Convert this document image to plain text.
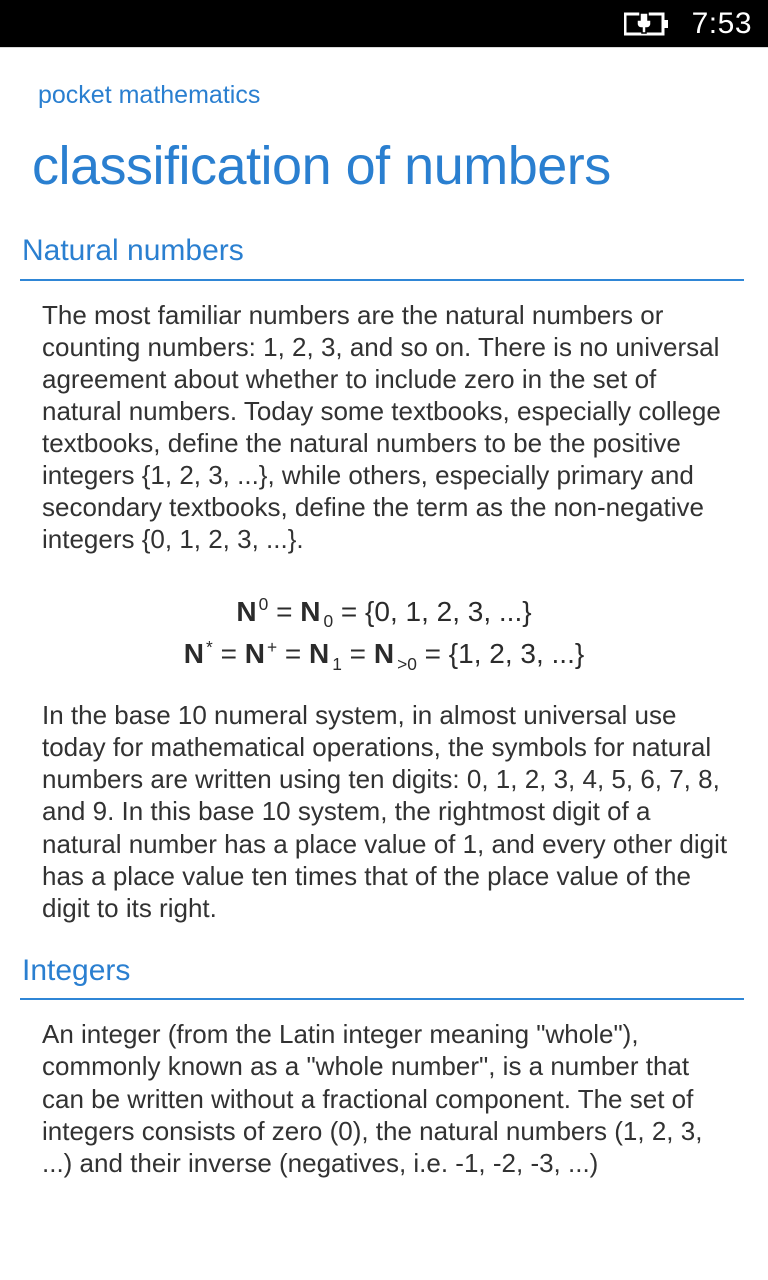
7:53
pocket mathematics
classification of numbers
Natural numbers

The most familiar numbers are the natural numbers or counting numbers: 1, 2, 3, and so on. There is no universal agreement about whether to include zero in the set of natural numbers. Today some textbooks, especially college textbooks, define the natural numbers to be the positive integers {1, 2, 3, ...}, while others, especially primary and secondary textbooks, define the term as the non-negative integers {0, 1, 2, 3, ...}.

N $^0$ = N $_0$ = {0, 1, 2, 3, ...}
N * = N + = N $_1$ = N $_{>0}$ = {1, 2, 3, ...}

In the base 10 numeral system, in almost universal use today for mathematical operations, the symbols for natural numbers are written using ten digits: 0, 1, 2, 3, 4, 5, 6, 7, 8, and 9. In this base 10 system, the rightmost digit of a natural number has a place value of 1, and every other digit has a place value ten times that of the place value of the digit to its right.

Integers

An integer (from the Latin integer meaning "whole"), commonly known as a "whole number", is a number that can be written without a fractional component. The set of integers consists of zero (0), the natural numbers (1, 2, 3, ...) and their inverse (negatives, i.e. -1, -2, -3, ...)
